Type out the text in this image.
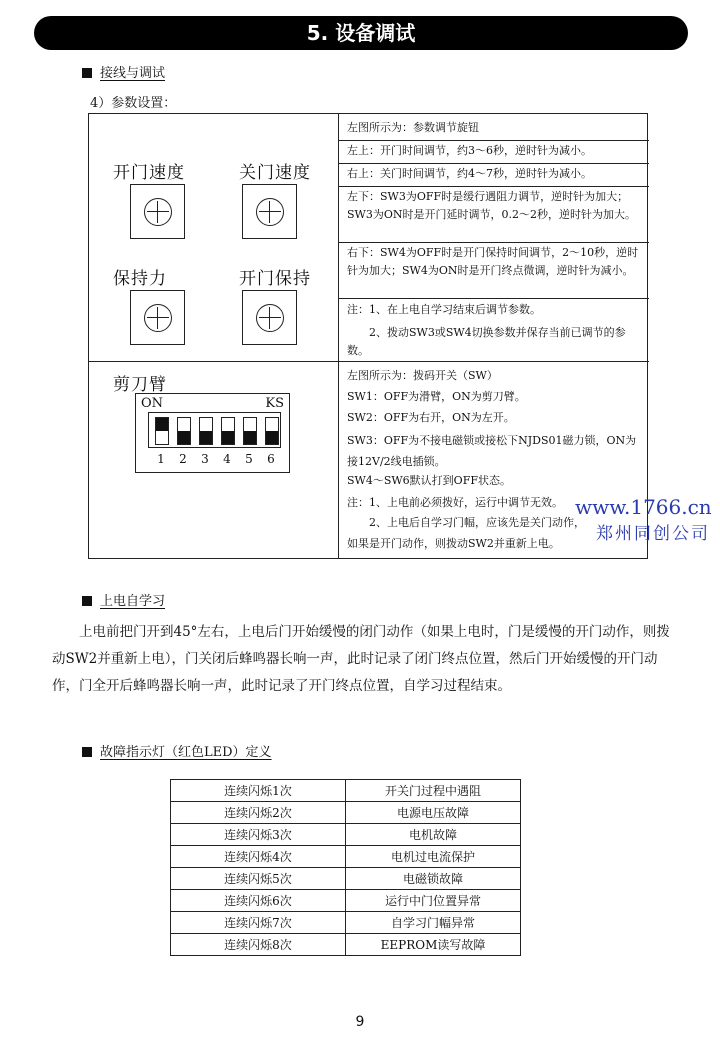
5. 设备调试
接线与调试
4）参数设置：
开门速度	关门速度
保持力	开门保持
剪刀臂
ON	KS
1 2 3 4 5 6
左图所示为：参数调节旋钮
左上：开门时间调节，约3～6秒，逆时针为减小。
右上：关门时间调节，约4～7秒，逆时针为减小。
左下：SW3为OFF时是缓行遇阻力调节，逆时针为加大；SW3为ON时是开门延时调节，0.2～2秒，逆时针为加大。
右下：SW4为OFF时是开门保持时间调节，2～10秒，逆时针为加大；SW4为ON时是开门终点微调，逆时针为减小。
注：1、在上电自学习结束后调节参数。
2、拨动SW3或SW4切换参数并保存当前已调节的参数。
左图所示为：拨码开关（SW）
SW1：OFF为滑臂，ON为剪刀臂。
SW2：OFF为右开，ON为左开。
SW3：OFF为不接电磁锁或接松下NJDS01磁力锁，ON为接12V/2线电插锁。
SW4～SW6默认打到OFF状态。
注：1、上电前必须拨好，运行中调节无效。
2、上电后自学习门幅，应该先是关门动作，
如果是开门动作，则拨动SW2并重新上电。
www.1766.cn
郑州同创公司
上电自学习
上电前把门开到45°左右，上电后门开始缓慢的闭门动作（如果上电时，门是缓慢的开门动作，则拨动SW2并重新上电），门关闭后蜂鸣器长响一声，此时记录了闭门终点位置，然后门开始缓慢的开门动作，门全开后蜂鸣器长响一声，此时记录了开门终点位置，自学习过程结束。
故障指示灯（红色LED）定义
连续闪烁1次	开关门过程中遇阻
连续闪烁2次	电源电压故障
连续闪烁3次	电机故障
连续闪烁4次	电机过电流保护
连续闪烁5次	电磁锁故障
连续闪烁6次	运行中门位置异常
连续闪烁7次	自学习门幅异常
连续闪烁8次	EEPROM读写故障
9
